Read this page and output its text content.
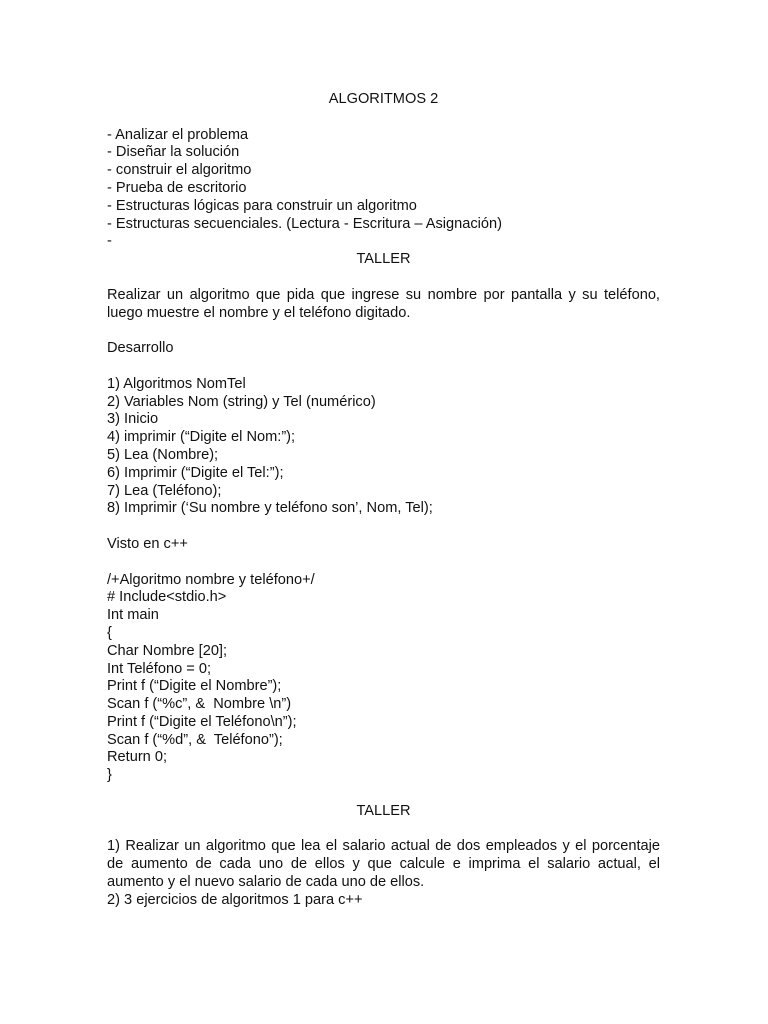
ALGORITMOS 2
- Analizar el problema
- Diseñar la solución
- construir el algoritmo
- Prueba de escritorio
- Estructuras lógicas para construir un algoritmo
- Estructuras secuenciales. (Lectura - Escritura – Asignación)
-
TALLER
Realizar un algoritmo que pida que ingrese su nombre por pantalla y su teléfono, luego muestre el nombre y el teléfono digitado.
Desarrollo
1) Algoritmos NomTel
2) Variables Nom (string) y Tel (numérico)
3) Inicio
4) imprimir (“Digite el Nom:”);
5) Lea (Nombre);
6) Imprimir (“Digite el Tel:”);
7) Lea (Teléfono);
8) Imprimir (‘Su nombre y teléfono son’, Nom, Tel);
Visto en c++
/+Algoritmo nombre y teléfono+/
# Include<stdio.h>
Int main
{
Char Nombre [20];
Int Teléfono = 0;
Print f (“Digite el Nombre”);
Scan f (“%c”, &  Nombre \n”)
Print f (“Digite el Teléfono\n”);
Scan f (“%d”, &  Teléfono”);
Return 0;
}
TALLER
1) Realizar un algoritmo que lea el salario actual de dos empleados y el porcentaje de aumento de cada uno de ellos y que calcule e imprima el salario actual, el aumento y el nuevo salario de cada uno de ellos.
2) 3 ejercicios de algoritmos 1 para c++
